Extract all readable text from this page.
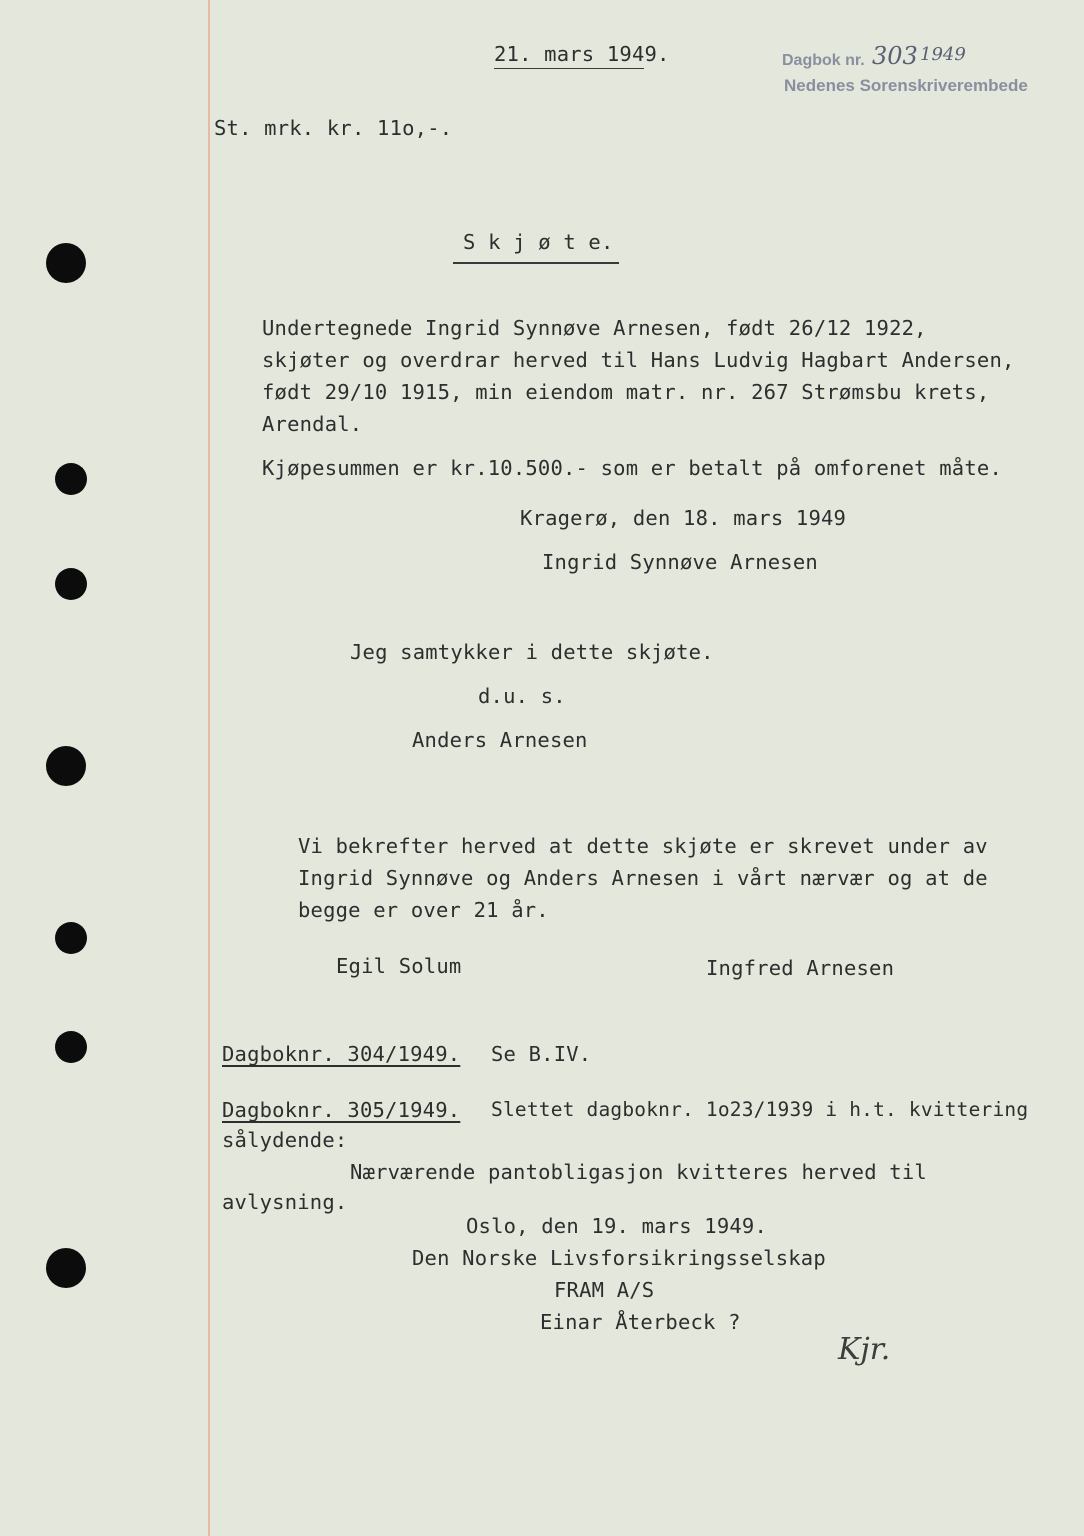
21. mars 1949.	Dagbok nr. 303 1949
Nedenes Sorenskriverembede
St. mrk. kr. 11o,-.
S k j ø t e.
Undertegnede Ingrid Synnøve Arnesen, født 26/12 1922,
skjøter og overdrar herved til Hans Ludvig Hagbart Andersen,
født 29/10 1915, min eiendom matr. nr. 267 Strømsbu krets,
Arendal.
Kjøpesummen er kr.10.500.- som er betalt på omforenet måte.
Kragerø, den 18. mars 1949
Ingrid Synnøve Arnesen
Jeg samtykker i dette skjøte.
d.u. s.
Anders Arnesen
Vi bekrefter herved at dette skjøte er skrevet under av
Ingrid Synnøve og Anders Arnesen i vårt nærvær og at de
begge er over 21 år.
Egil Solum	Ingfred Arnesen
Dagboknr. 304/1949. Se B.IV.
Dagboknr. 305/1949. Slettet dagboknr. 1o23/1939 i h.t. kvittering
sålydende:
Nærværende pantobligasjon kvitteres herved til
avlysning.
Oslo, den 19. mars 1949.
Den Norske Livsforsikringsselskap
FRAM A/S
Einar Återbeck ?
Kjr.
